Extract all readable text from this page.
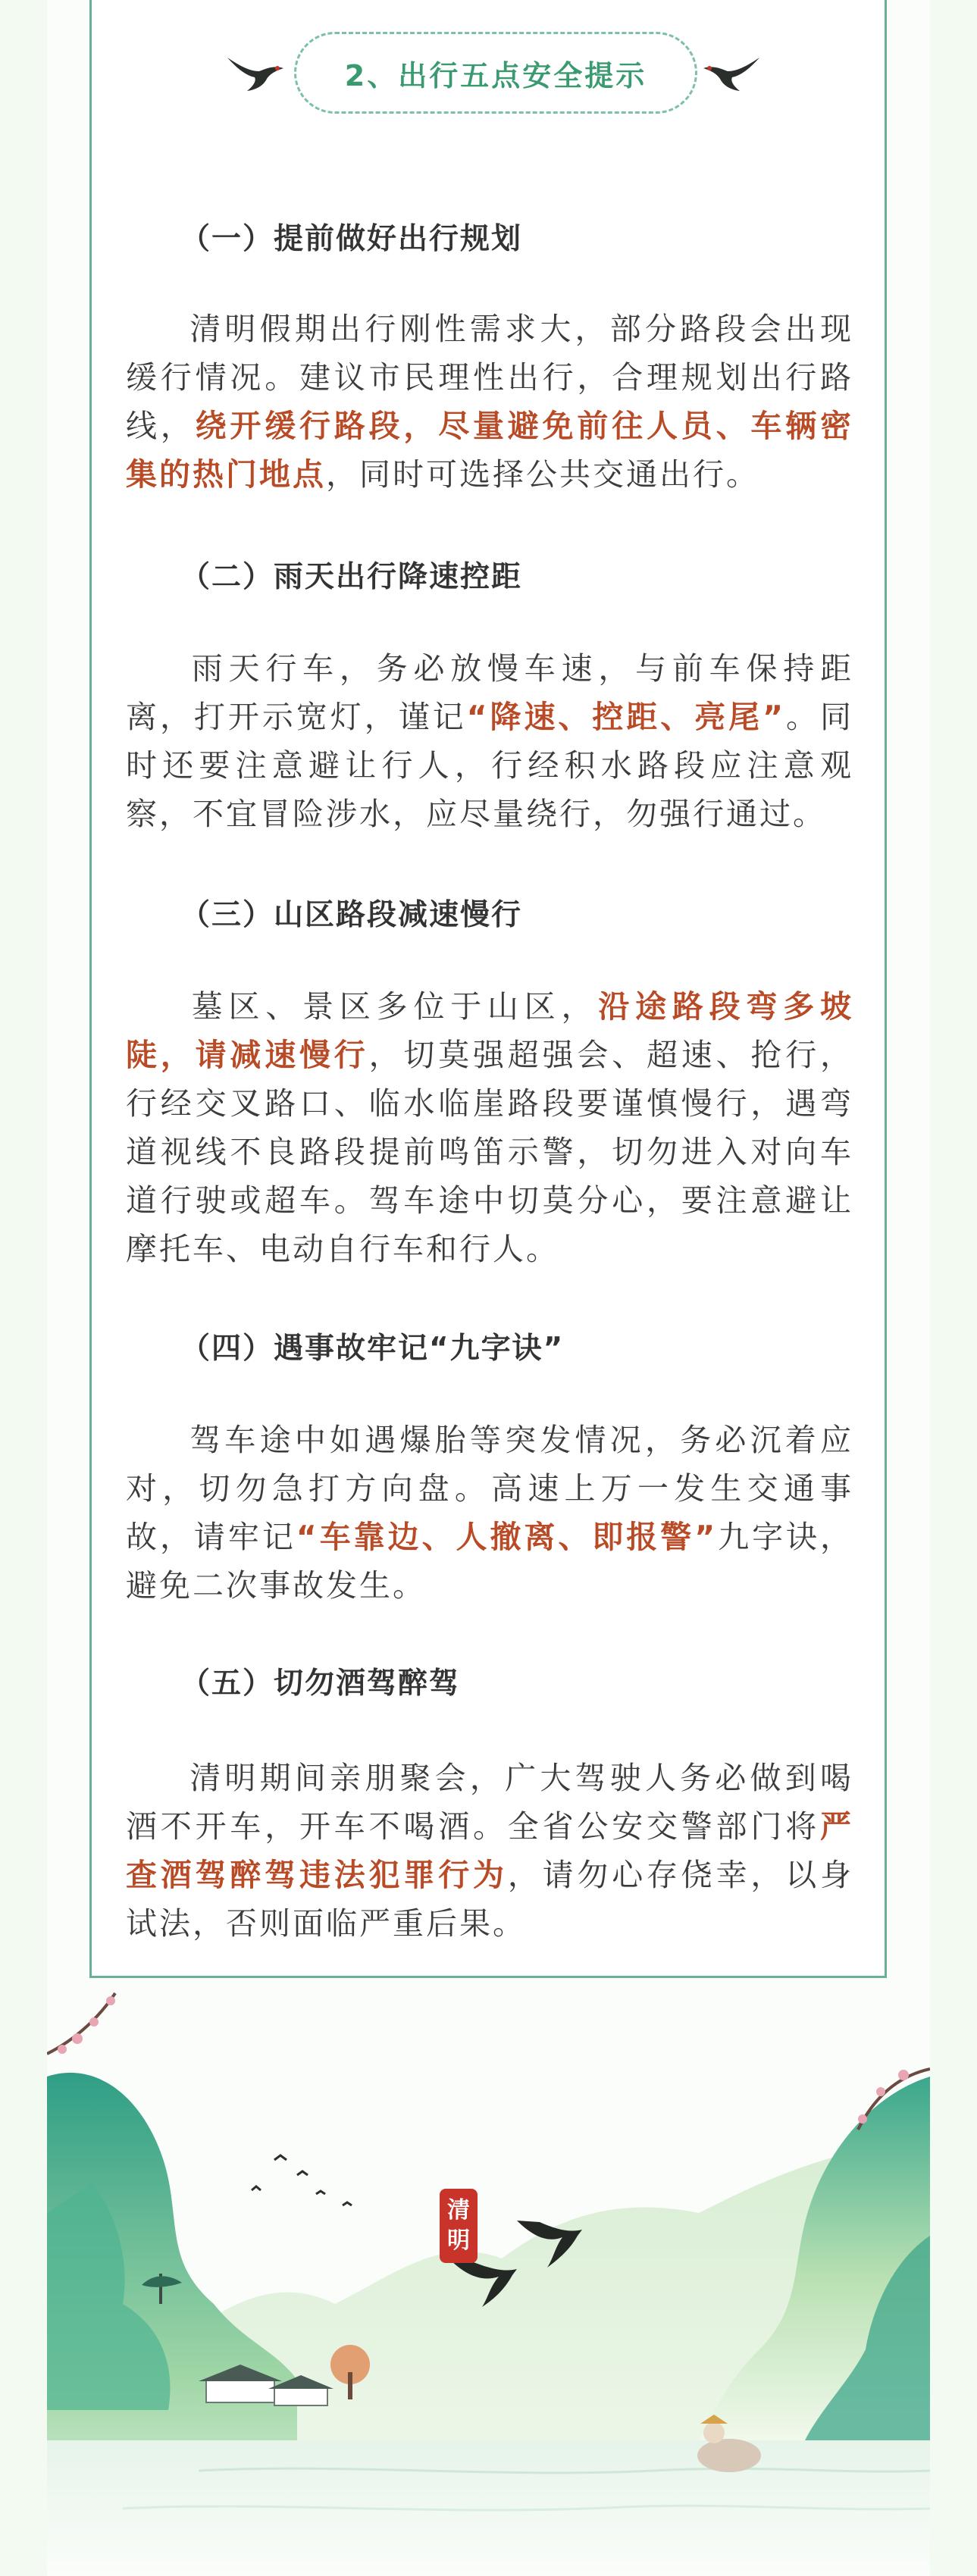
2、出行五点安全提示
（一）提前做好出行规划
清明假期出行刚性需求大，部分路段会出现缓行情况。建议市民理性出行，合理规划出行路线，绕开缓行路段，尽量避免前往人员、车辆密集的热门地点，同时可选择公共交通出行。
（二）雨天出行降速控距
雨天行车，务必放慢车速，与前车保持距离，打开示宽灯，谨记“降速、控距、亮尾”。同时还要注意避让行人，行经积水路段应注意观察，不宜冒险涉水，应尽量绕行，勿强行通过。
（三）山区路段减速慢行
墓区、景区多位于山区，沿途路段弯多坡陡，请减速慢行，切莫强超强会、超速、抢行，行经交叉路口、临水临崖路段要谨慎慢行，遇弯道视线不良路段提前鸣笛示警，切勿进入对向车道行驶或超车。驾车途中切莫分心，要注意避让摩托车、电动自行车和行人。
（四）遇事故牢记“九字诀”
驾车途中如遇爆胎等突发情况，务必沉着应对，切勿急打方向盘。高速上万一发生交通事故，请牢记“车靠边、人撤离、即报警”九字诀，避免二次事故发生。
（五）切勿酒驾醉驾
清明期间亲朋聚会，广大驾驶人务必做到喝酒不开车，开车不喝酒。全省公安交警部门将严查酒驾醉驾违法犯罪行为，请勿心存侥幸，以身试法，否则面临严重后果。
清
明
